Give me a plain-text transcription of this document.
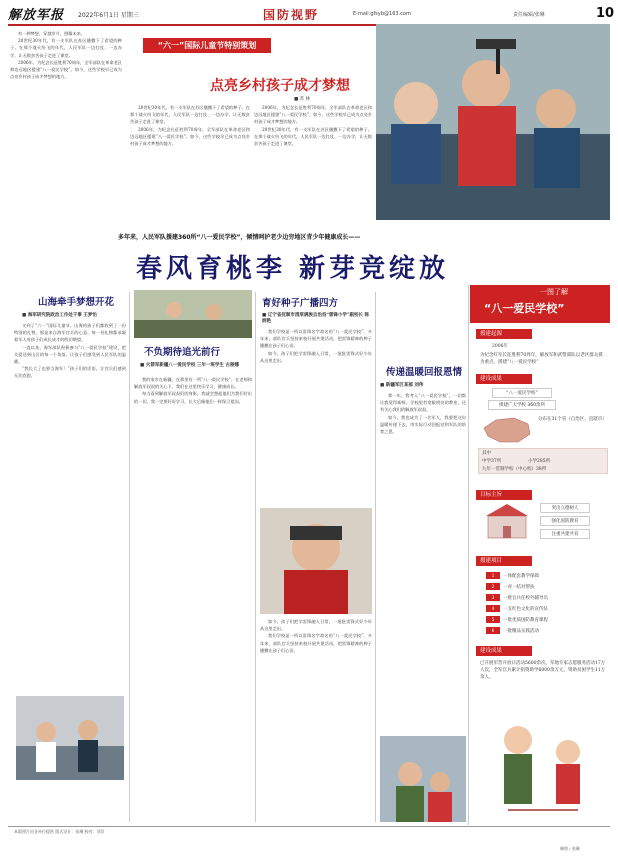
解放军报 2022年6月1日 星期三	国防视野	E-mail:gfsyb@163.com	责任编辑/张琳	10

有一种梦想，穿越岁月，照耀未来。

20世纪30年代，有一支军队在苏区播撒下了希望的种子。在那个战火纷飞的年代，人民军队一边打仗、一边办学，让无数贫苦孩子走进了课堂。

2006年，为纪念长征胜利70周年，全军部队在革命老区和边远地区援建“八一爱民学校”。如今，这些学校早已成为点亮乡村孩子成才梦想的地方。

“六一”国际儿童节特别策划
点亮乡村孩子成才梦想
■ 苏 林

20世纪30年代，有一支军队在苏区播撒下了希望的种子。在那个战火纷飞的年代，人民军队一边打仗、一边办学，让无数贫苦孩子走进了课堂。

2006年，为纪念长征胜利70周年，全军部队在革命老区和边远地区援建“八一爱民学校”。如今，这些学校早已成为点亮乡村孩子成才梦想的地方。

2006年，为纪念长征胜利70周年，全军部队在革命老区和边远地区援建“八一爱民学校”。如今，这些学校早已成为点亮乡村孩子成才梦想的地方。

20世纪30年代，有一支军队在苏区播撒下了希望的种子。在那个战火纷飞的年代，人民军队一边打仗、一边办学，让无数贫苦孩子走进了课堂。

多年来，人民军队援建360所“八一爱民学校”，倾情呵护老少边穷地区青少年健康成长——
春风育桃李 新芽竞绽放
山海牵手梦想开花
■ 海军研究院政治工作处干事 王梦怡

又到了“六一”国际儿童节。山海的孩子们都收到了一份特别的礼物，那是来自海军官兵的心意。每一份礼物都承载着军人对孩子们成长成才的殷切期望。

一直以来，海军部队积极参与“八一爱民学校”建设，把关爱送到山区的每一个角落，让孩子们感受到人民军队的温暖。

“我长大了也要当海军！”孩子们的话语，让官兵们感到无比欣慰。

不负期待追光前行
■ 火箭军新疆八一爱民学校 三年一班学生 古丽娜

我的家乡在新疆，在那里有一所“八一爱民学校”。在老师和解放军叔叔的关心下，我们在这里快乐学习、健康成长。

每当看到解放军叔叔们的身影，我就会想起他们为我们付出的一切。我一定要好好学习，长大后像他们一样保卫祖国。

育好种子广播四方
■ 辽宁省抚顺市清原满族自治县“雷锋小学”副校长 陈炳艳

我们学校是一所以雷锋名字命名的“八一爱民学校”。多年来，部队官兵坚持来校开展共建活动，把雷锋精神的种子播撒在孩子们心田。

如今，孩子们把学雷锋融入日常，一批批雷锋式好少年从这里走出。

如今，孩子们把学雷锋融入日常，一批批雷锋式好少年从这里走出。

我们学校是一所以雷锋名字命名的“八一爱民学校”。多年来，部队官兵坚持来校开展共建活动，把雷锋精神的种子播撒在孩子们心田。

传递温暖回报恩情
■ 新疆军区某部 刘伟

那一年，我考入“八一爱民学校”，一切都让我觉得新鲜。学校里有宽敞明亮的教室，还有关心我们的解放军叔叔。

如今，我也成为了一名军人，我要把这份温暖传递下去，用实际行动回报党和军队的培育之恩。

一图了解
“八一爱民学校”
援建起源
2006年
为纪念红军长征胜利70周年，解放军和武警部队以老区群众援为重点，援建“八一爱民学校”
建设成果
“八一爱民学校”
援建广大学校 360余所
分布在31个省（自治区、直辖市）
其中
中学37所	小学285所
九年一贯制学校（中心校）38所
目标主旨
突出立德树人
强化国防教育
注重共建共育
援建项目
1 一体配套教学保障
2 一对一结对帮扶
3 一批官兵任校外辅导员
4 一支红色文化的宣传队
5 一批优质国防教育课程
6 一批精品实践活动
建设成果
已开展军营开放日活动5600余次，军地专家志愿服务活动17万人次，全军官兵累计捐资助学6000余万元，资助贫困学生11万余人。
本版图片由各单位提供 版式设计：张琳 校对：刘洋
制图 / 张琳
